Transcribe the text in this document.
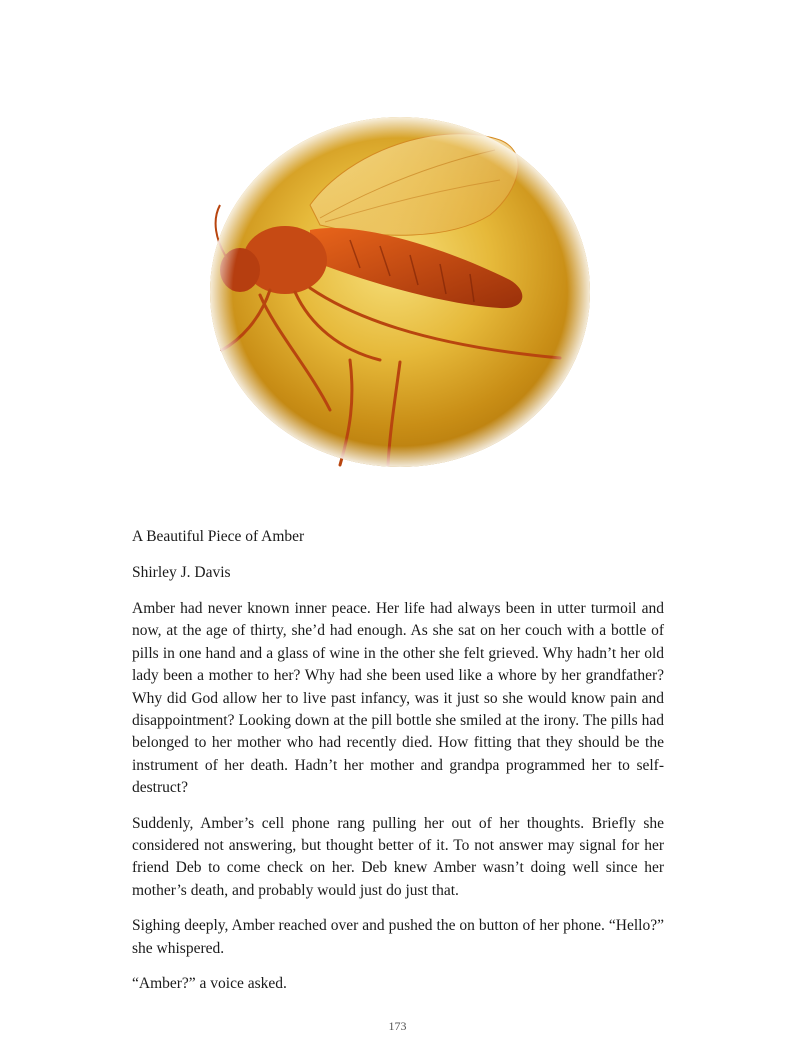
A Beautiful Piece of Amber

Shirley J. Davis

Amber had never known inner peace. Her life had always been in utter turmoil and now, at the age of thirty, she’d had enough. As she sat on her couch with a bottle of pills in one hand and a glass of wine in the other she felt grieved. Why hadn’t her old lady been a mother to her? Why had she been used like a whore by her grandfather? Why did God allow her to live past infancy, was it just so she would know pain and disappointment? Looking down at the pill bottle she smiled at the irony. The pills had belonged to her mother who had recently died. How fitting that they should be the instrument of her death. Hadn’t her mother and grandpa programmed her to self-destruct?

Suddenly, Amber’s cell phone rang pulling her out of her thoughts. Briefly she considered not answering, but thought better of it. To not answer may signal for her friend Deb to come check on her. Deb knew Amber wasn’t doing well since her mother’s death, and probably would just do just that.

Sighing deeply, Amber reached over and pushed the on button of her phone. “Hello?” she whispered.

“Amber?” a voice asked.

173
